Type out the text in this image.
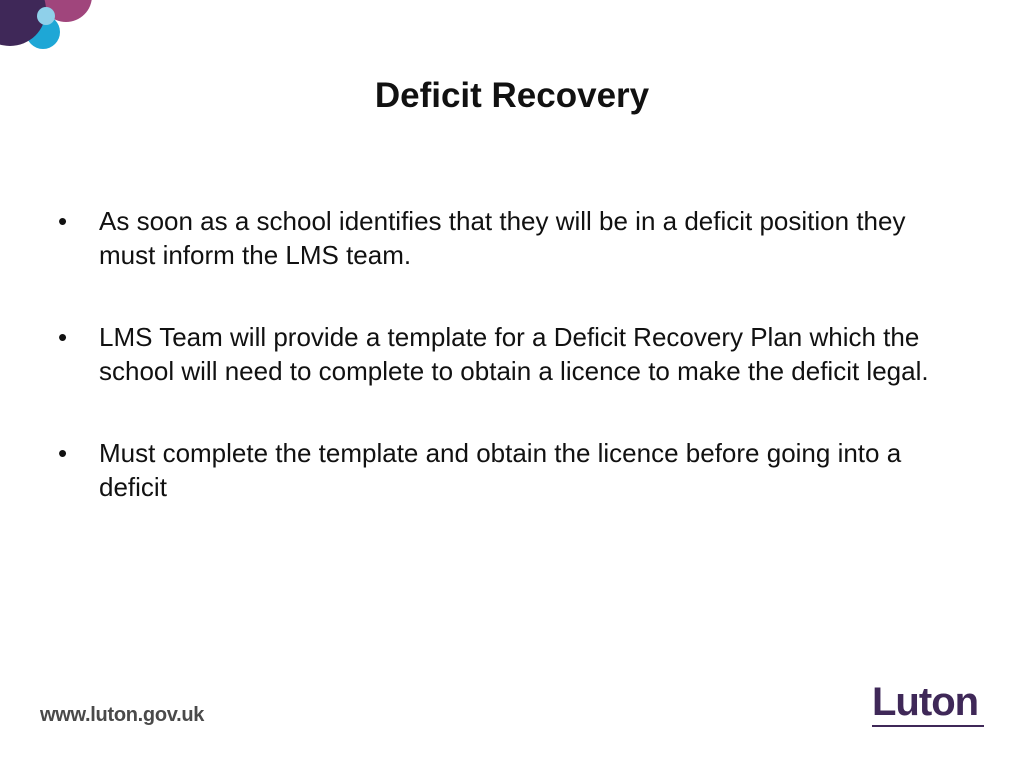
Deficit Recovery
•	As soon as a school identifies that they will be in a deficit position they must inform the LMS team.
•	LMS Team will provide a template for a Deficit Recovery Plan which the school will need to complete to obtain a licence to make the deficit legal.
•	Must complete the template and obtain the licence before going into a deficit
www.luton.gov.uk	Luton
